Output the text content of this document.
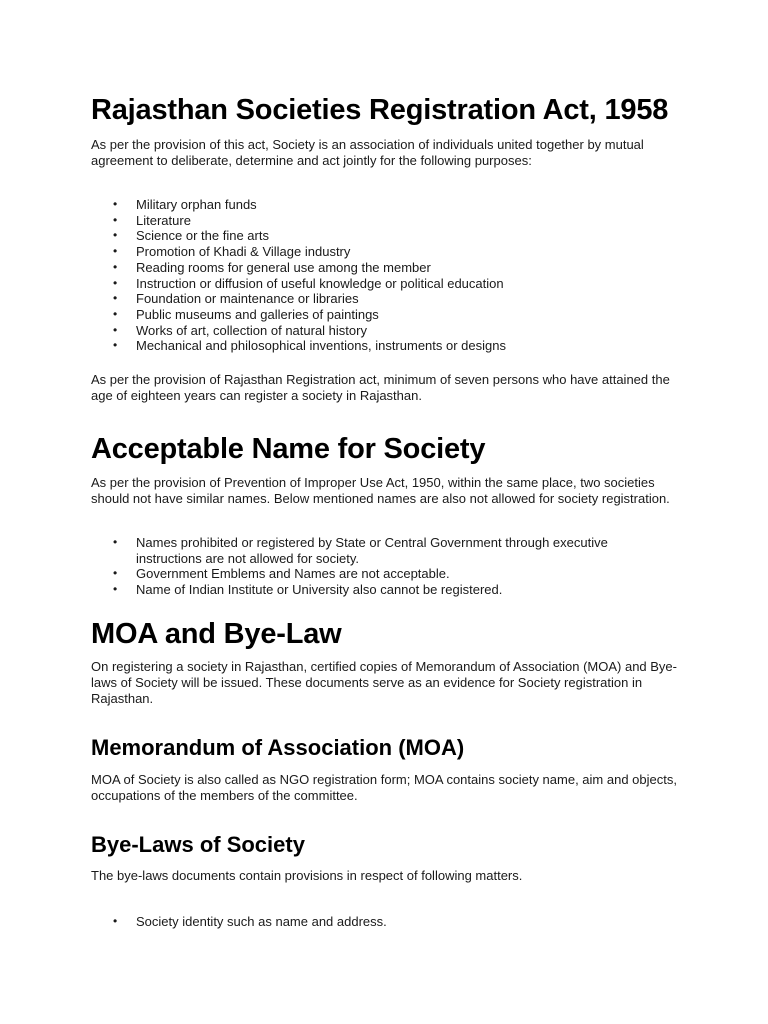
Rajasthan Societies Registration Act, 1958

As per the provision of this act, Society is an association of individuals united together by mutual agreement to deliberate, determine and act jointly for the following purposes:

• Military orphan funds
• Literature
• Science or the fine arts
• Promotion of Khadi & Village industry
• Reading rooms for general use among the member
• Instruction or diffusion of useful knowledge or political education
• Foundation or maintenance or libraries
• Public museums and galleries of paintings
• Works of art, collection of natural history
• Mechanical and philosophical inventions, instruments or designs

As per the provision of Rajasthan Registration act, minimum of seven persons who have attained the age of eighteen years can register a society in Rajasthan.

Acceptable Name for Society

As per the provision of Prevention of Improper Use Act, 1950, within the same place, two societies should not have similar names. Below mentioned names are also not allowed for society registration.

• Names prohibited or registered by State or Central Government through executive instructions are not allowed for society.
• Government Emblems and Names are not acceptable.
• Name of Indian Institute or University also cannot be registered.
MOA and Bye-Law

On registering a society in Rajasthan, certified copies of Memorandum of Association (MOA) and Bye-laws of Society will be issued. These documents serve as an evidence for Society registration in Rajasthan.

Memorandum of Association (MOA)

MOA of Society is also called as NGO registration form; MOA contains society name, aim and objects, occupations of the members of the committee.

Bye-Laws of Society

The bye-laws documents contain provisions in respect of following matters.

• Society identity such as name and address.
